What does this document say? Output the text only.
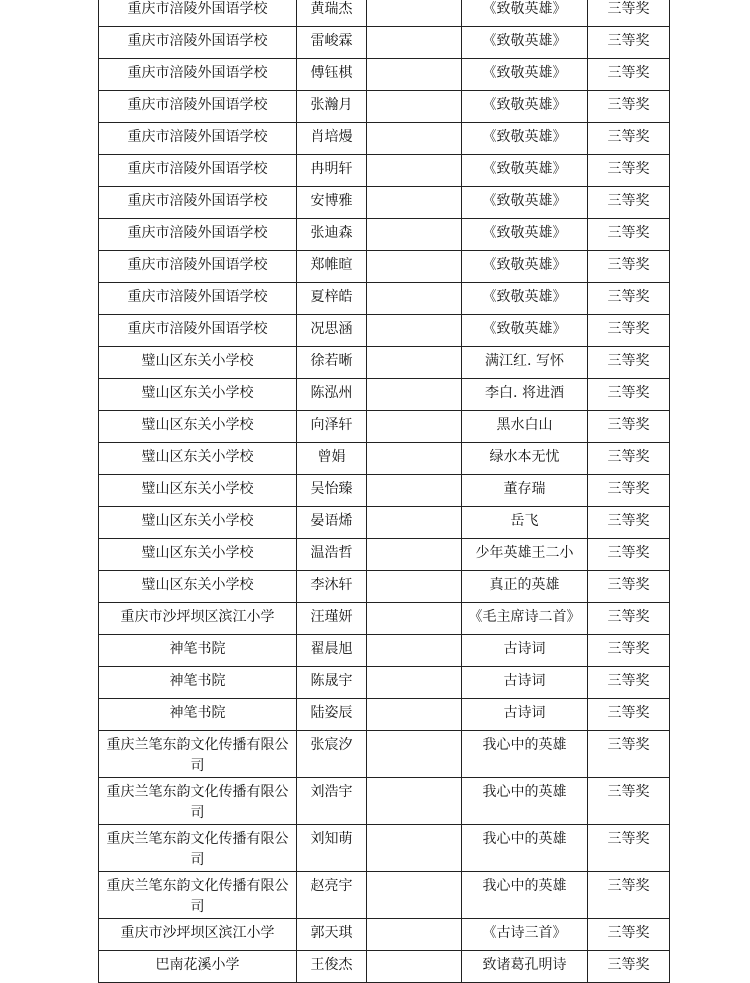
重庆市涪陵外国语学校	黄瑞杰		《致敬英雄》	三等奖
重庆市涪陵外国语学校	雷峻霖		《致敬英雄》	三等奖
重庆市涪陵外国语学校	傅钰棋		《致敬英雄》	三等奖
重庆市涪陵外国语学校	张瀚月		《致敬英雄》	三等奖
重庆市涪陵外国语学校	肖培熳		《致敬英雄》	三等奖
重庆市涪陵外国语学校	冉明轩		《致敬英雄》	三等奖
重庆市涪陵外国语学校	安博雅		《致敬英雄》	三等奖
重庆市涪陵外国语学校	张迪森		《致敬英雄》	三等奖
重庆市涪陵外国语学校	郑帷暄		《致敬英雄》	三等奖
重庆市涪陵外国语学校	夏梓皓		《致敬英雄》	三等奖
重庆市涪陵外国语学校	况思涵		《致敬英雄》	三等奖
璧山区东关小学校	徐若晰		满江红. 写怀	三等奖
璧山区东关小学校	陈泓州		李白. 将进酒	三等奖
璧山区东关小学校	向泽轩		黑水白山	三等奖
璧山区东关小学校	曾娟		绿水本无忧	三等奖
璧山区东关小学校	吴怡臻		董存瑞	三等奖
璧山区东关小学校	晏语烯		岳飞	三等奖
璧山区东关小学校	温浩哲		少年英雄王二小	三等奖
璧山区东关小学校	李沐轩		真正的英雄	三等奖
重庆市沙坪坝区滨江小学	汪瑾妍		《毛主席诗二首》	三等奖
神笔书院	翟晨旭		古诗词	三等奖
神笔书院	陈晟宇		古诗词	三等奖
神笔书院	陆姿辰		古诗词	三等奖
重庆兰笔东韵文化传播有限公司	张宸汐		我心中的英雄	三等奖
重庆兰笔东韵文化传播有限公司	刘浩宇		我心中的英雄	三等奖
重庆兰笔东韵文化传播有限公司	刘知萌		我心中的英雄	三等奖
重庆兰笔东韵文化传播有限公司	赵亮宇		我心中的英雄	三等奖
重庆市沙坪坝区滨江小学	郭天琪		《古诗三首》	三等奖
巴南花溪小学	王俊杰		致诸葛孔明诗	三等奖
